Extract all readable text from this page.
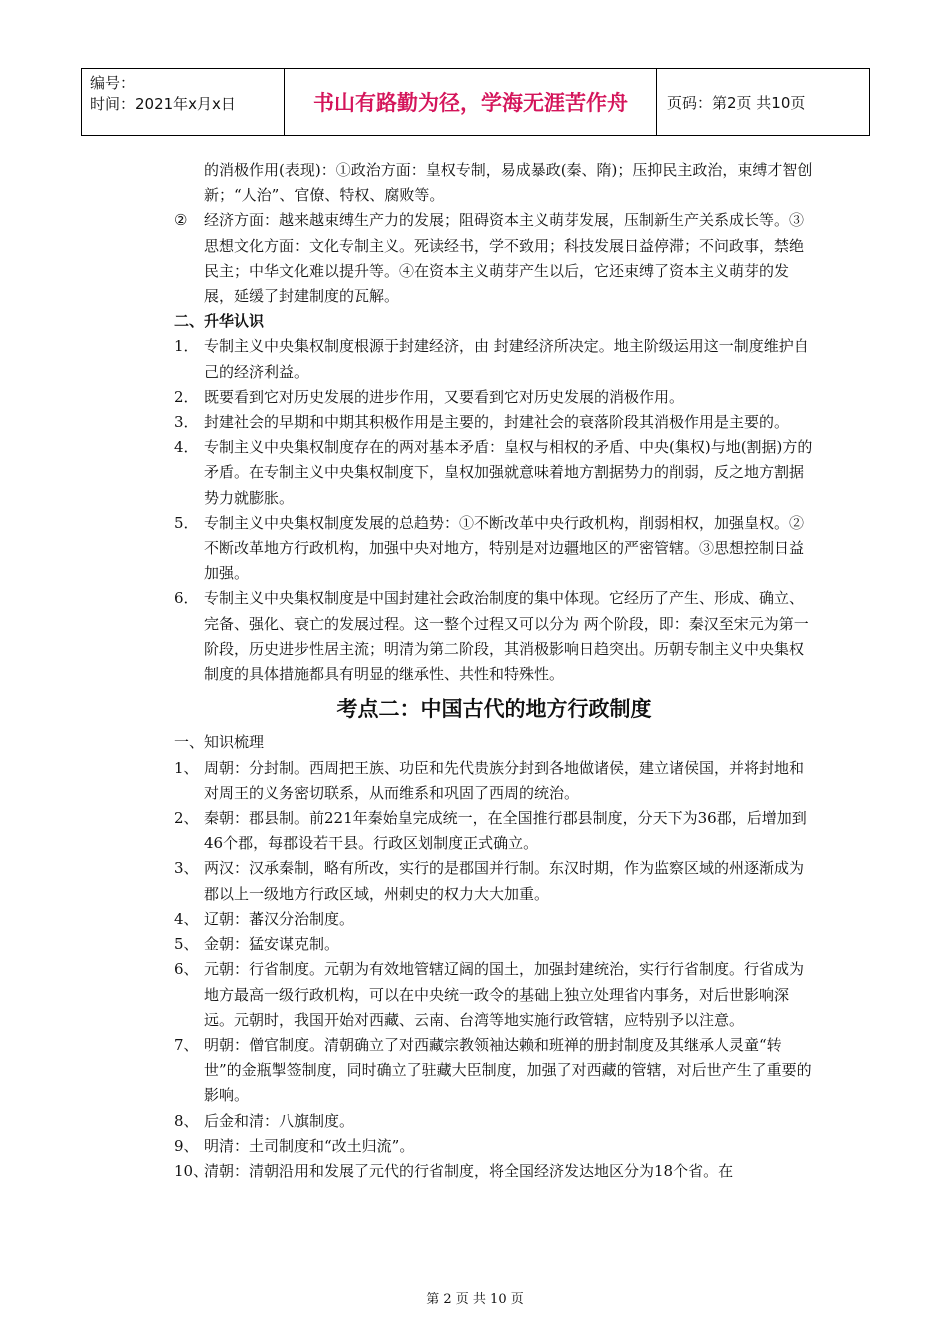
编号：
时间：2021年x月x日	书山有路勤为径，学海无涯苦作舟	页码：第2页 共10页
的消极作用(表现)：①政治方面：皇权专制，易成暴政(秦、隋)；压抑民主政治，束缚才智创新；“人治”、官僚、特权、腐败等。
② 经济方面：越来越束缚生产力的发展；阻碍资本主义萌芽发展，压制新生产关系成长等。③思想文化方面：文化专制主义。死读经书，学不致用；科技发展日益停滞；不问政事，禁绝民主；中华文化难以提升等。④在资本主义萌芽产生以后，它还束缚了资本主义萌芽的发展，延缓了封建制度的瓦解。
二、升华认识
1． 专制主义中央集权制度根源于封建经济，由 封建经济所决定。地主阶级运用这一制度维护自己的经济利益。
2． 既要看到它对历史发展的进步作用，又要看到它对历史发展的消极作用。
3． 封建社会的早期和中期其积极作用是主要的，封建社会的衰落阶段其消极作用是主要的。
4． 专制主义中央集权制度存在的两对基本矛盾：皇权与相权的矛盾、中央(集权)与地(割据)方的矛盾。在专制主义中央集权制度下，皇权加强就意味着地方割据势力的削弱，反之地方割据势力就膨胀。
5． 专制主义中央集权制度发展的总趋势：①不断改革中央行政机构，削弱相权，加强皇权。②不断改革地方行政机构，加强中央对地方，特别是对边疆地区的严密管辖。③思想控制日益加强。
6． 专制主义中央集权制度是中国封建社会政治制度的集中体现。它经历了产生、形成、确立、完备、强化、衰亡的发展过程。这一整个过程又可以分为 两个阶段，即：秦汉至宋元为第一阶段，历史进步性居主流；明清为第二阶段，其消极影响日趋突出。历朝专制主义中央集权制度的具体措施都具有明显的继承性、共性和特殊性。
考点二：中国古代的地方行政制度
一、知识梳理
1、 周朝：分封制。西周把王族、功臣和先代贵族分封到各地做诸侯，建立诸侯国，并将封地和对周王的义务密切联系，从而维系和巩固了西周的统治。
2、 秦朝：郡县制。前221年秦始皇完成统一，在全国推行郡县制度，分天下为36郡，后增加到46个郡，每郡设若干县。行政区划制度正式确立。
3、 两汉：汉承秦制，略有所改，实行的是郡国并行制。东汉时期，作为监察区域的州逐渐成为郡以上一级地方行政区域，州刺史的权力大大加重。
4、 辽朝：蕃汉分治制度。
5、 金朝：猛安谋克制。
6、 元朝：行省制度。元朝为有效地管辖辽阔的国土，加强封建统治，实行行省制度。行省成为地方最高一级行政机构，可以在中央统一政令的基础上独立处理省内事务，对后世影响深远。元朝时，我国开始对西藏、云南、台湾等地实施行政管辖，应特别予以注意。
7、 明朝：僧官制度。清朝确立了对西藏宗教领袖达赖和班禅的册封制度及其继承人灵童“转世”的金瓶掣签制度，同时确立了驻藏大臣制度，加强了对西藏的管辖，对后世产生了重要的影响。
8、 后金和清：八旗制度。
9、 明清：土司制度和“改土归流”。
10、
清朝：清朝沿用和发展了元代的行省制度，将全国经济发达地区分为18个省。在
第 2 页 共 10 页
